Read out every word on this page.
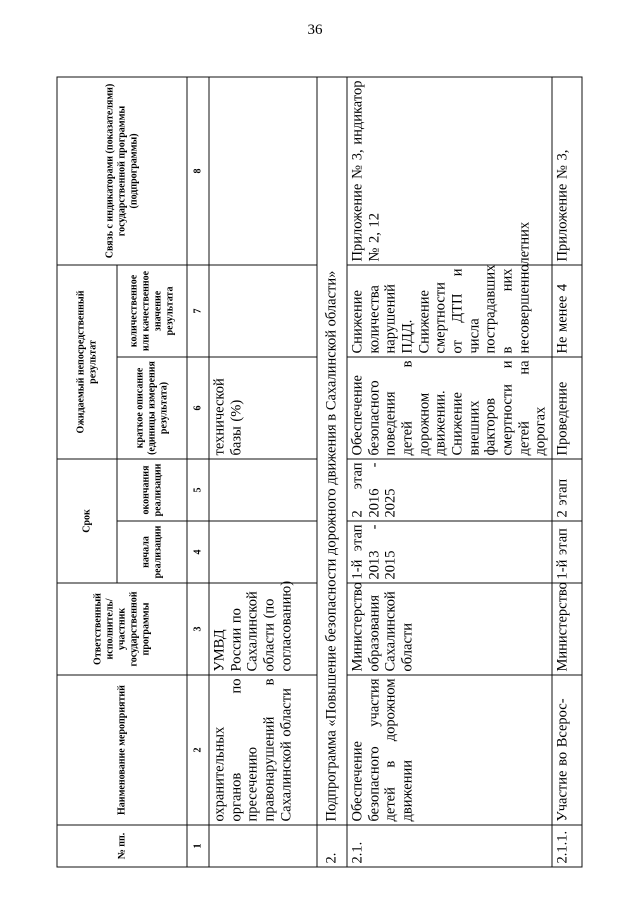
36
№ пп.	Наименование мероприятий	Ответственный исполнитель/ участник государственной программы	Срок		Ожидаемый непосредственный результат		Связь с индикаторами (показателями) государственной программы (подпрограммы)
			начала реализации	окончания реализации	краткое описание (единицы измерения результата)	количественное или качественное значение результата	
1	2	3	4	5	6	7	8
	охранительных органов по пресечению правонарушений в Сахалинской области	УМВД России по Сахалинской области (по согласованию)			технической базы (%)		
2.	Подпрограмма «Повышение безопасности дорожного движения в Сахалинской области»						
2.1.	Обеспечение безопасного участия детей в дорожном движении	Министерство образования Сахалинской области	1-й этап 2013 - 2015	2 этап 2016 - 2025	Обеспечение безопасного поведения детей в дорожном движении. Снижение внешних факторов смертности и детей на дорогах	Снижение количества нарушений ПДД. Снижение смертности от ДТП и числа пострадавших в них несовершеннолетних	Приложение № 3, индикатор № 2, 12
2.1.1.	Участие во Всерос-	Министерство	1-й этап	2 этап	Проведение	Не менее 4	Приложение № 3,
